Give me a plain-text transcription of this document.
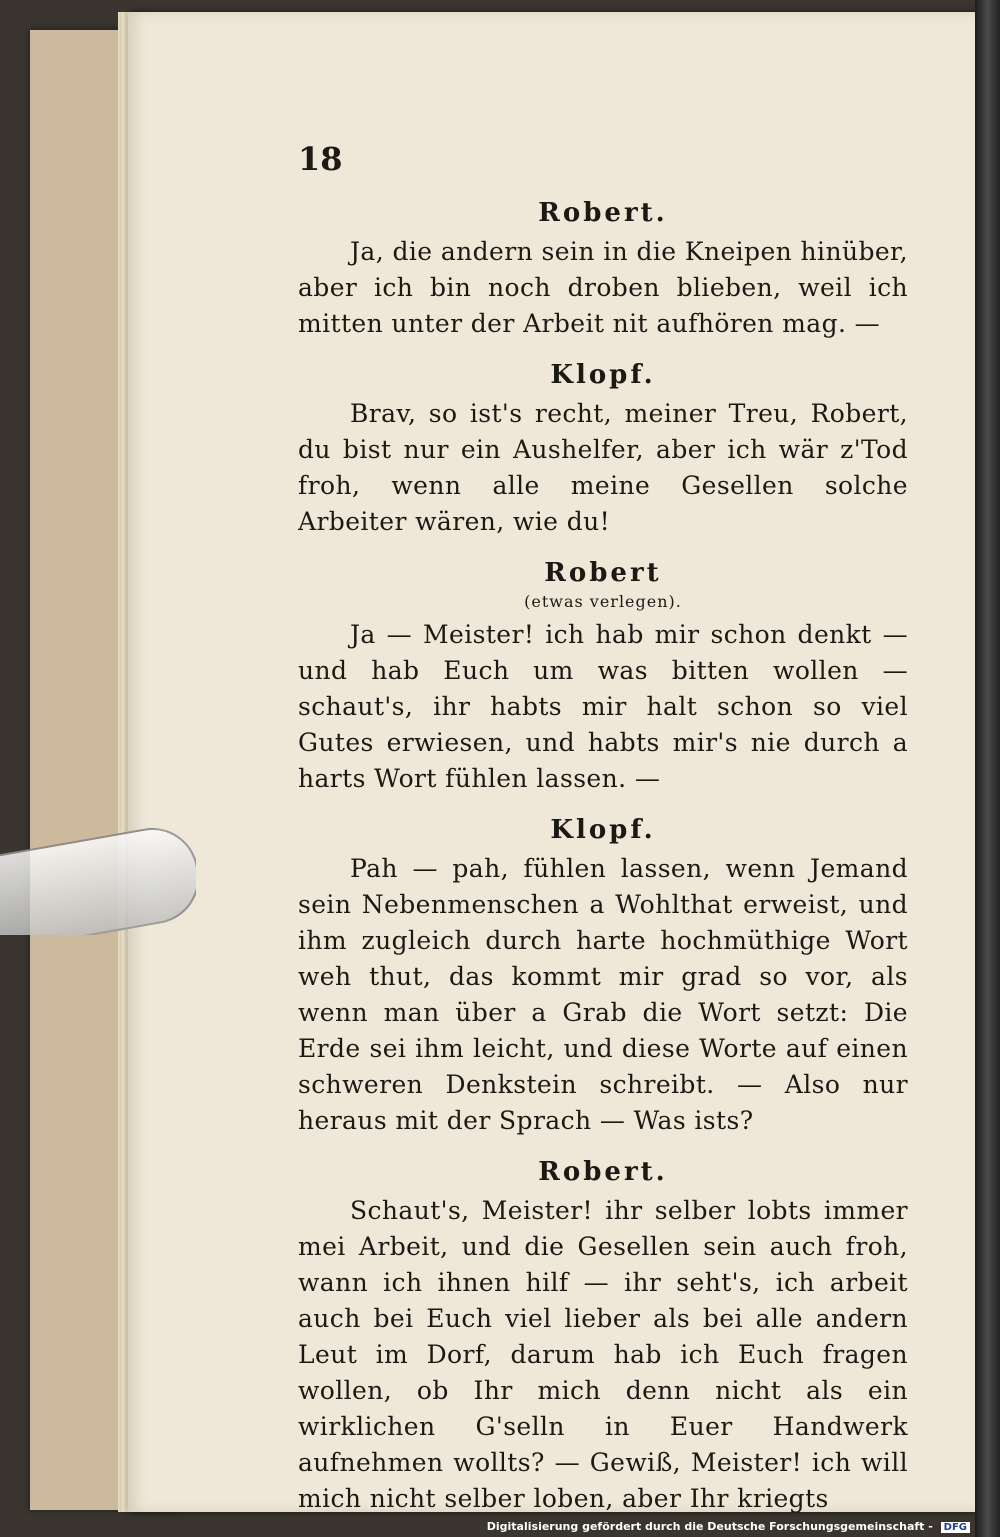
18
Robert.

Ja, die andern sein in die Kneipen hinüber, aber ich bin noch droben blieben, weil ich mitten unter der Arbeit nit aufhören mag. —

Klopf.

Brav, so ist's recht, meiner Treu, Robert, du bist nur ein Aushelfer, aber ich wär z'Tod froh, wenn alle meine Gesellen solche Arbeiter wären, wie du!

Robert
(etwas verlegen).

Ja — Meister! ich hab mir schon denkt — und hab Euch um was bitten wollen — schaut's, ihr habts mir halt schon so viel Gutes erwiesen, und habts mir's nie durch a harts Wort fühlen lassen. —

Klopf.

Pah — pah, fühlen lassen, wenn Jemand sein Nebenmenschen a Wohlthat erweist, und ihm zugleich durch harte hochmüthige Wort weh thut, das kommt mir grad so vor, als wenn man über a Grab die Wort setzt: Die Erde sei ihm leicht, und diese Worte auf einen schweren Denkstein schreibt. — Also nur heraus mit der Sprach — Was ists?

Robert.

Schaut's, Meister! ihr selber lobts immer mei Arbeit, und die Gesellen sein auch froh, wann ich ihnen hilf — ihr seht's, ich arbeit auch bei Euch viel lieber als bei alle andern Leut im Dorf, darum hab ich Euch fragen wollen, ob Ihr mich denn nicht als ein wirklichen G'selln in Euer Handwerk aufnehmen wollts? — Gewiß, Meister! ich will mich nicht selber loben, aber Ihr kriegts

Digitalisierung gefördert durch die Deutsche Forschungsgemeinschaft - DFG
